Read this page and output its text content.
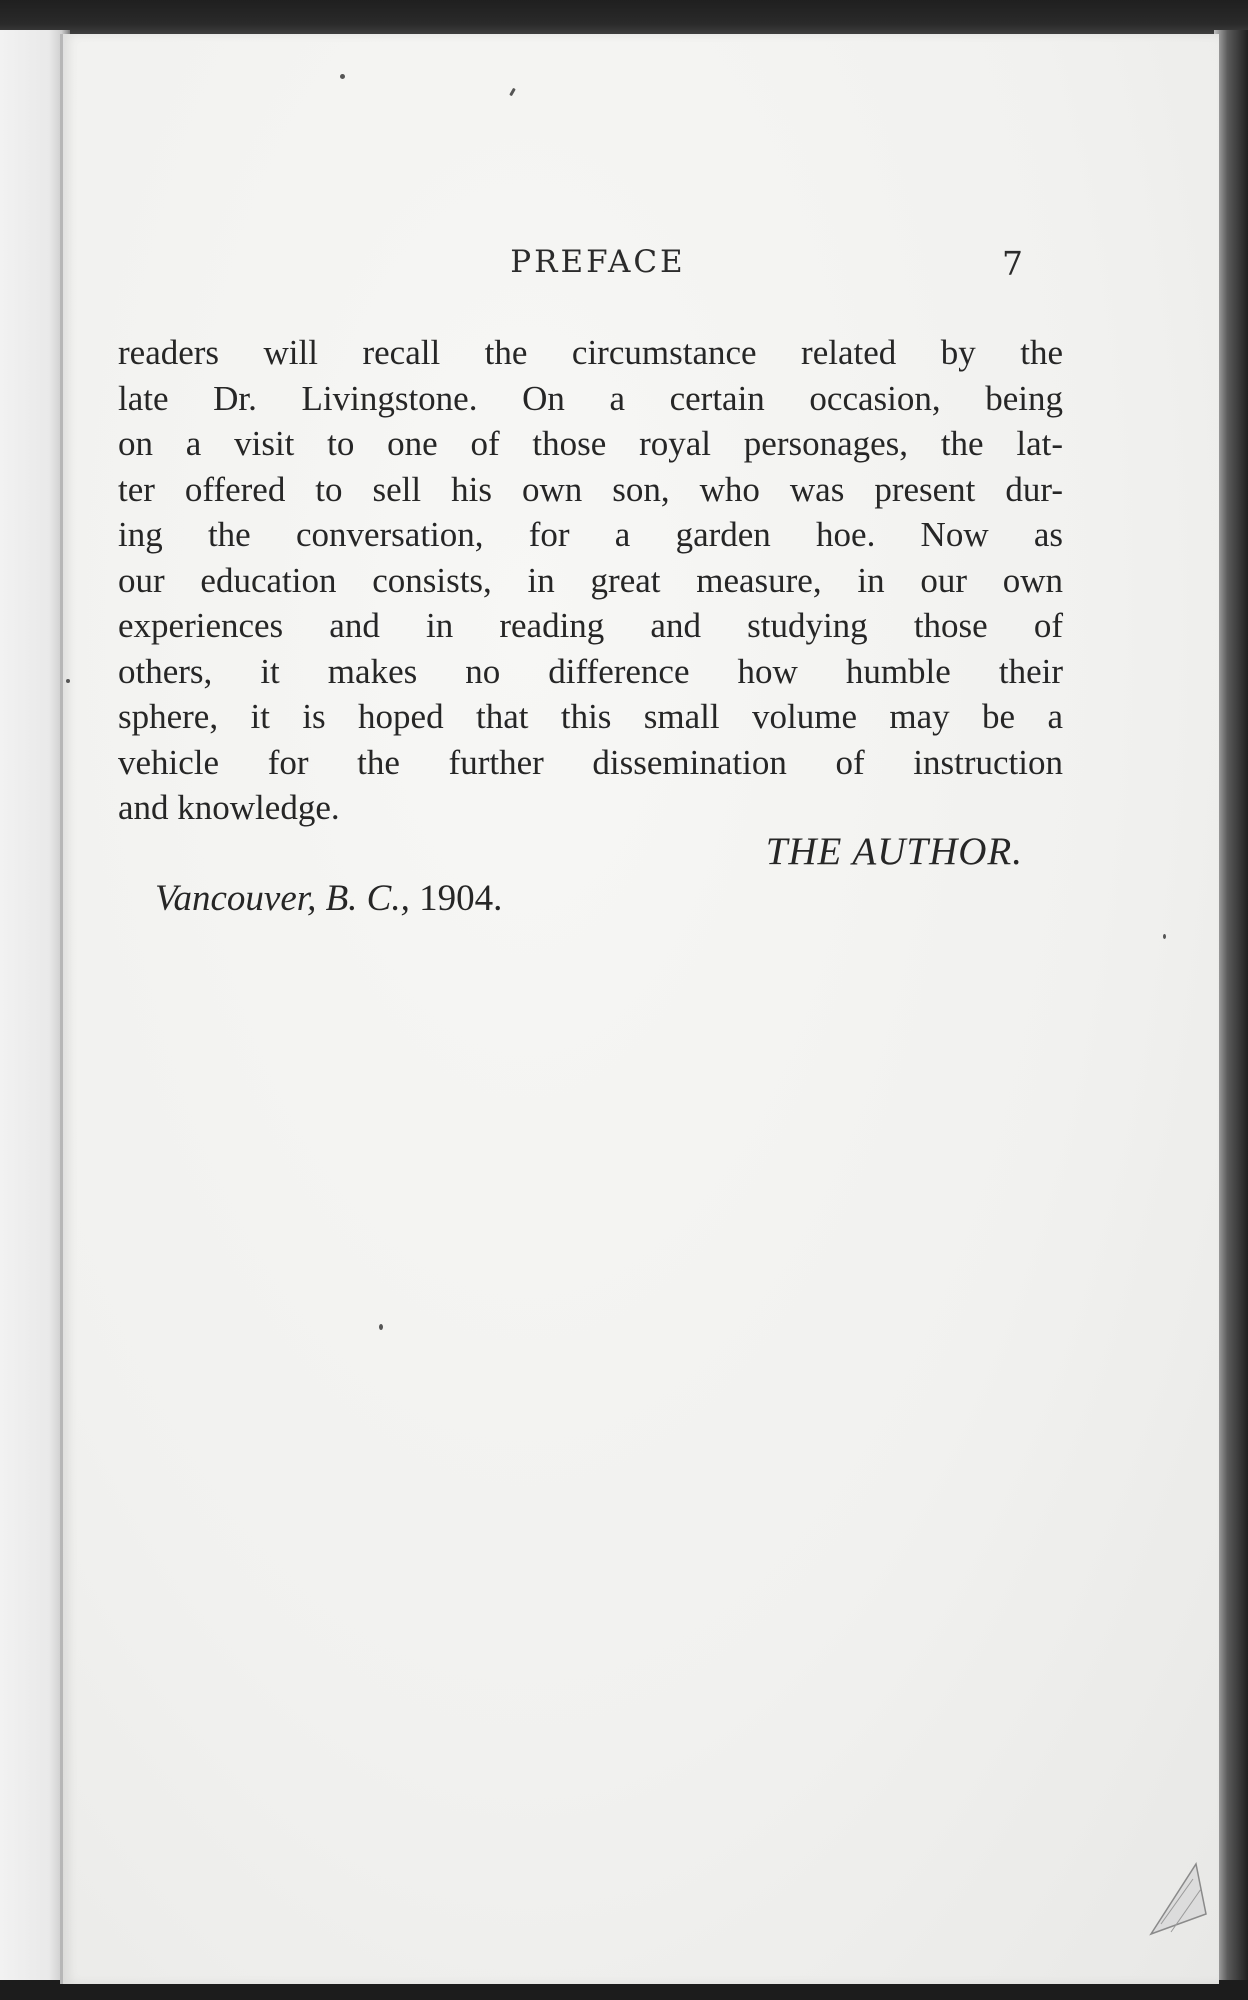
PREFACE	7
readers will recall the circumstance related by the
late Dr. Livingstone. On a certain occasion, being
on a visit to one of those royal personages, the lat-
ter offered to sell his own son, who was present dur-
ing the conversation, for a garden hoe. Now as
our education consists, in great measure, in our own
experiences and in reading and studying those of
others, it makes no difference how humble their
sphere, it is hoped that this small volume may be a
vehicle for the further dissemination of instruction
and knowledge.
THE AUTHOR.
Vancouver, B. C., 1904.
